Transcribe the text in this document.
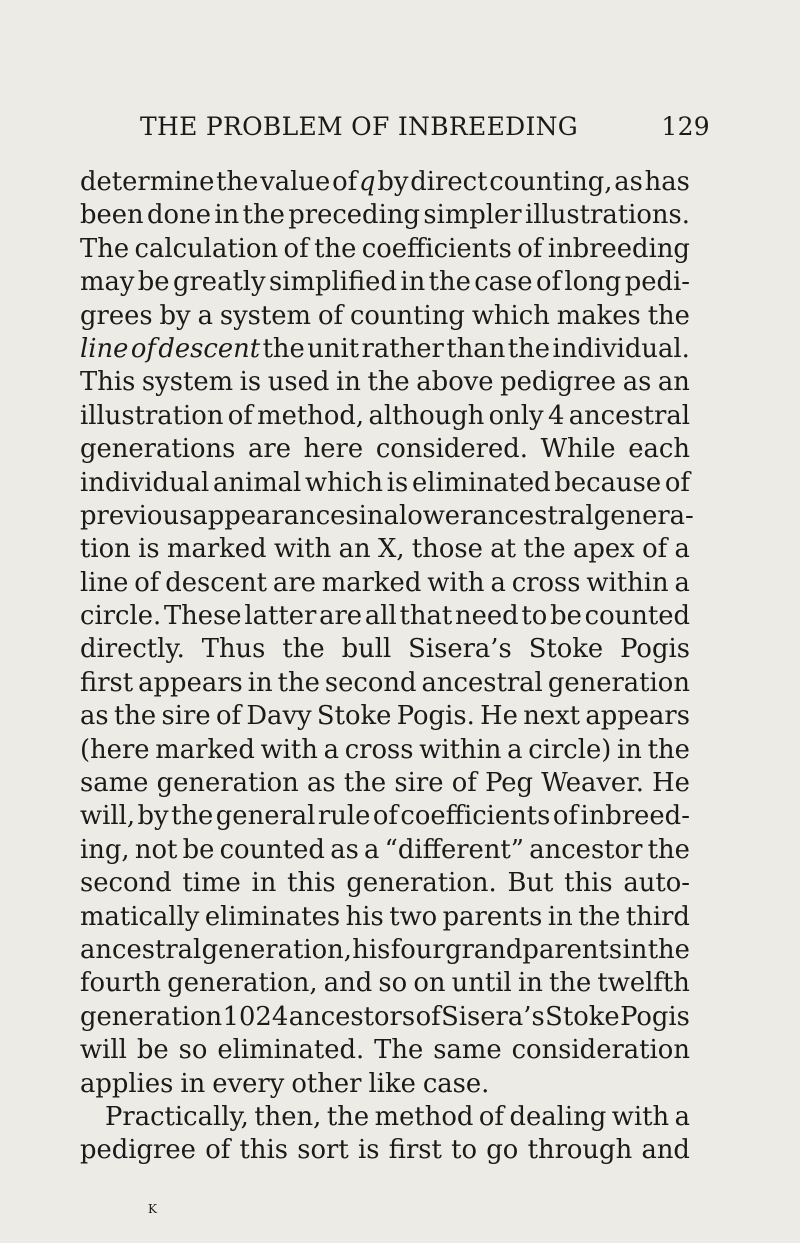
THE PROBLEM OF INBREEDING	129
determine the value of q by direct counting, as has
been done in the preceding simpler illustrations.
The calculation of the coefficients of inbreeding
may be greatly simplified in the case of long pedi-
grees by a system of counting which makes the
line of descent the unit rather than the individual.
This system is used in the above pedigree as an
illustration of method, although only 4 ancestral
generations are here considered. While each
individual animal which is eliminated because of
previous appearances in a lower ancestral genera-
tion is marked with an X, those at the apex of a
line of descent are marked with a cross within a
circle. These latter are all that need to be counted
directly. Thus the bull Sisera’s Stoke Pogis
first appears in the second ancestral generation
as the sire of Davy Stoke Pogis. He next appears
(here marked with a cross within a circle) in the
same generation as the sire of Peg Weaver. He
will, by the general rule of coefficients of inbreed-
ing, not be counted as a “different” ancestor the
second time in this generation. But this auto-
matically eliminates his two parents in the third
ancestral generation, his four grandparents in the
fourth generation, and so on until in the twelfth
generation 1024 ancestors of Sisera’s Stoke Pogis
will be so eliminated. The same consideration
applies in every other like case.
Practically, then, the method of dealing with a
pedigree of this sort is first to go through and
K
